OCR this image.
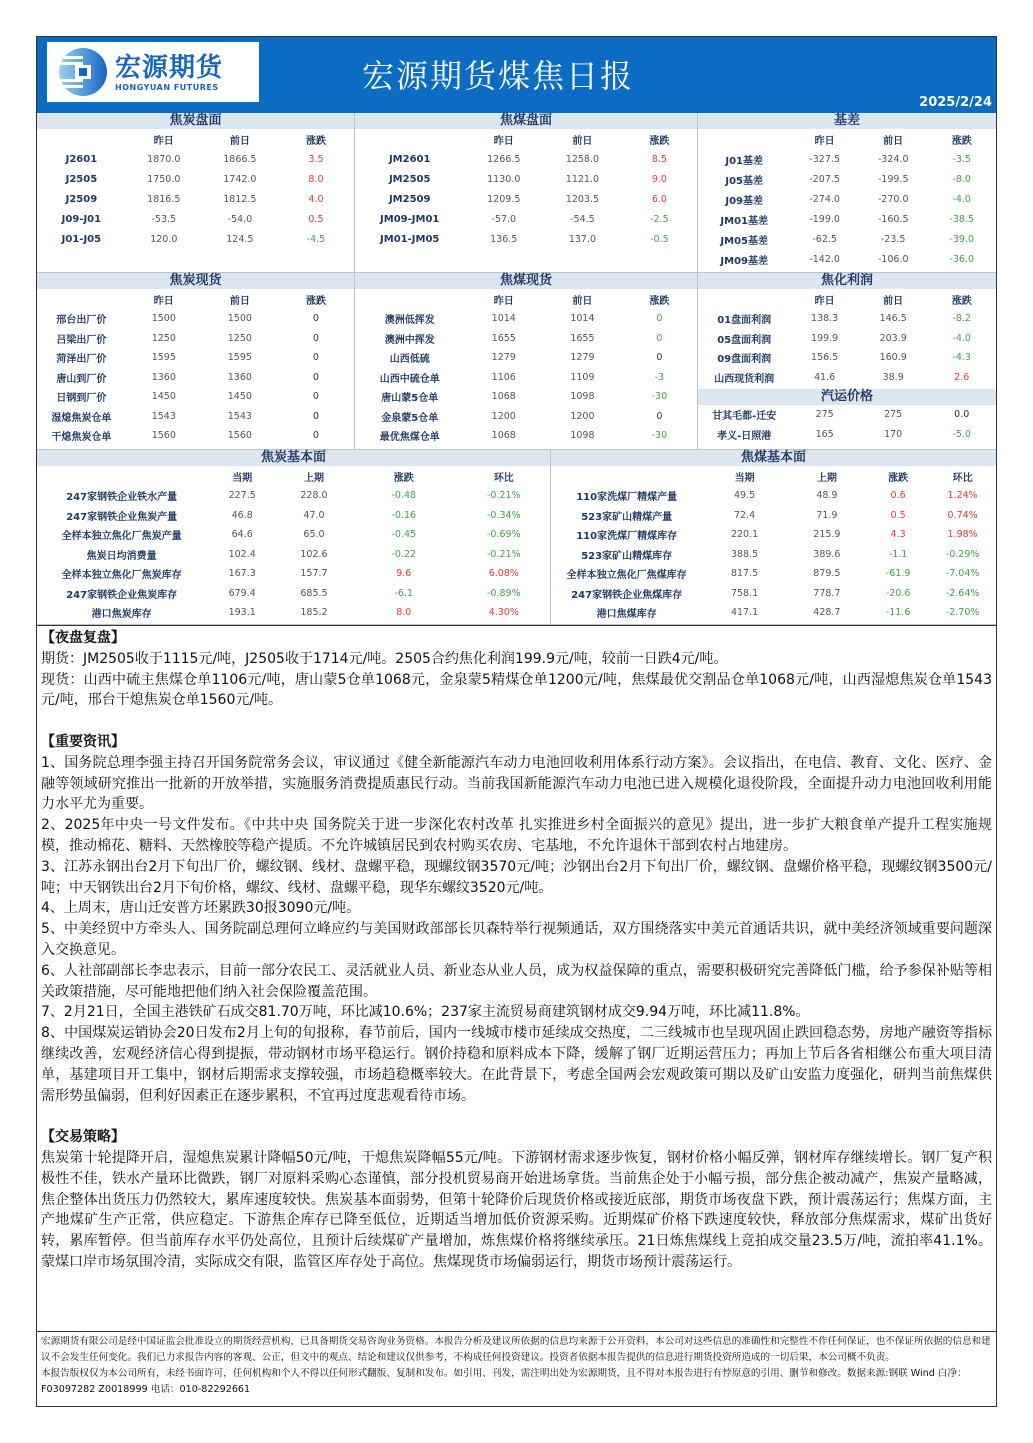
宏源期货
HONGYUAN FUTURES	宏源期货煤焦日报
2025/2/24
焦炭盘面
	昨日	前日	涨跌
J2601	1870.0	1866.5	3.5
J2505	1750.0	1742.0	8.0
J2509	1816.5	1812.5	4.0
J09-J01	-53.5	-54.0	0.5
J01-J05	120.0	124.5	-4.5
焦煤盘面
	昨日	前日	涨跌
JM2601	1266.5	1258.0	8.5
JM2505	1130.0	1121.0	9.0
JM2509	1209.5	1203.5	6.0
JM09-JM01	-57.0	-54.5	-2.5
JM01-JM05	136.5	137.0	-0.5
基差
	昨日	前日	涨跌
J01基差	-327.5	-324.0	-3.5
J05基差	-207.5	-199.5	-8.0
J09基差	-274.0	-270.0	-4.0
JM01基差	-199.0	-160.5	-38.5
JM05基差	-62.5	-23.5	-39.0
JM09基差	-142.0	-106.0	-36.0
焦炭现货
	昨日	前日	涨跌
邢台出厂价	1500	1500	0
吕梁出厂价	1250	1250	0
菏泽出厂价	1595	1595	0
唐山到厂价	1360	1360	0
日钢到厂价	1450	1450	0
湿熄焦炭仓单	1543	1543	0
干熄焦炭仓单	1560	1560	0
焦煤现货
	昨日	前日	涨跌
澳洲低挥发	1014	1014	0
澳洲中挥发	1655	1655	0
山西低硫	1279	1279	0
山西中硫仓单	1106	1109	-3
唐山蒙5仓单	1068	1098	-30
金泉蒙5仓单	1200	1200	0
最优焦煤仓单	1068	1098	-30
焦化利润
	昨日	前日	涨跌
01盘面利润	138.3	146.5	-8.2
05盘面利润	199.9	203.9	-4.0
09盘面利润	156.5	160.9	-4.3
山西现货利润	41.6	38.9	2.6
汽运价格
甘其毛都-迁安	275	275	0.0
孝义-日照港	165	170	-5.0
焦炭基本面
	当期	上期	涨跌	环比
247家钢铁企业铁水产量	227.5	228.0	-0.48	-0.21%
247家钢铁企业焦炭产量	46.8	47.0	-0.16	-0.34%
全样本独立焦化厂焦炭产量	64.6	65.0	-0.45	-0.69%
焦炭日均消费量	102.4	102.6	-0.22	-0.21%
全样本独立焦化厂焦炭库存	167.3	157.7	9.6	6.08%
247家钢铁企业焦炭库存	679.4	685.5	-6.1	-0.89%
港口焦炭库存	193.1	185.2	8.0	4.30%
焦煤基本面
	当期	上期	涨跌	环比
110家洗煤厂精煤产量	49.5	48.9	0.6	1.24%
523家矿山精煤产量	72.4	71.9	0.5	0.74%
110家洗煤厂精煤库存	220.1	215.9	4.3	1.98%
523家矿山精煤库存	388.5	389.6	-1.1	-0.29%
全样本独立焦化厂焦煤库存	817.5	879.5	-61.9	-7.04%
247家钢铁企业焦煤库存	758.1	778.7	-20.6	-2.64%
港口焦煤库存	417.1	428.7	-11.6	-2.70%
【夜盘复盘】
期货：JM2505收于1115元/吨，J2505收于1714元/吨。2505合约焦化利润199.9元/吨，较前一日跌4元/吨。
现货：山西中硫主焦煤仓单1106元/吨，唐山蒙5仓单1068元，金泉蒙5精煤仓单1200元/吨，焦煤最优交割品仓单1068元/吨，山西湿熄焦炭仓单1543元/吨，邢台干熄焦炭仓单1560元/吨。
【重要资讯】
1、国务院总理李强主持召开国务院常务会议，审议通过《健全新能源汽车动力电池回收利用体系行动方案》。会议指出，在电信、教育、文化、医疗、金融等领域研究推出一批新的开放举措，实施服务消费提质惠民行动。当前我国新能源汽车动力电池已进入规模化退役阶段，全面提升动力电池回收利用能力水平尤为重要。
2、2025年中央一号文件发布。《中共中央 国务院关于进一步深化农村改革 扎实推进乡村全面振兴的意见》提出，进一步扩大粮食单产提升工程实施规模，推动棉花、糖料、天然橡胶等稳产提质。不允许城镇居民到农村购买农房、宅基地，不允许退休干部到农村占地建房。
3、江苏永钢出台2月下旬出厂价，螺纹钢、线材、盘螺平稳，现螺纹钢3570元/吨；沙钢出台2月下旬出厂价，螺纹钢、盘螺价格平稳，现螺纹钢3500元/吨；中天钢铁出台2月下旬价格，螺纹、线材、盘螺平稳，现华东螺纹3520元/吨。
4、上周末，唐山迁安普方坯累跌30报3090元/吨。
5、中美经贸中方牵头人、国务院副总理何立峰应约与美国财政部部长贝森特举行视频通话，双方围绕落实中美元首通话共识，就中美经济领域重要问题深入交换意见。
6、人社部副部长李忠表示，目前一部分农民工、灵活就业人员、新业态从业人员，成为权益保障的重点，需要积极研究完善降低门槛，给予参保补贴等相关政策措施，尽可能地把他们纳入社会保险覆盖范围。
7、2月21日，全国主港铁矿石成交81.70万吨，环比减10.6%；237家主流贸易商建筑钢材成交9.94万吨，环比减11.8%。
8、中国煤炭运销协会20日发布2月上旬的旬报称，春节前后，国内一线城市楼市延续成交热度，二三线城市也呈现巩固止跌回稳态势，房地产融资等指标继续改善，宏观经济信心得到提振，带动钢材市场平稳运行。钢价持稳和原料成本下降，缓解了钢厂近期运营压力；再加上节后各省相继公布重大项目清单，基建项目开工集中，钢材后期需求支撑较强，市场趋稳概率较大。在此背景下，考虑全国两会宏观政策可期以及矿山安监力度强化，研判当前焦煤供需形势虽偏弱，但利好因素正在逐步累积，不宜再过度悲观看待市场。
【交易策略】
焦炭第十轮提降开启，湿熄焦炭累计降幅50元/吨，干熄焦炭降幅55元/吨。下游钢材需求逐步恢复，钢材价格小幅反弹，钢材库存继续增长。钢厂复产积极性不佳，铁水产量环比微跌，钢厂对原料采购心态谨慎，部分投机贸易商开始进场拿货。当前焦企处于小幅亏损，部分焦企被动减产，焦炭产量略减，焦企整体出货压力仍然较大，累库速度较快。焦炭基本面弱势，但第十轮降价后现货价格或接近底部，期货市场夜盘下跌，预计震荡运行；焦煤方面，主产地煤矿生产正常，供应稳定。下游焦企库存已降至低位，近期适当增加低价资源采购。近期煤矿价格下跌速度较快，释放部分焦煤需求，煤矿出货好转，累库暂停。但当前库存水平仍处高位，且预计后续煤矿产量增加，炼焦煤价格将继续承压。21日炼焦煤线上竞拍成交量23.5万/吨，流拍率41.1%。蒙煤口岸市场氛围冷清，实际成交有限，监管区库存处于高位。焦煤现货市场偏弱运行，期货市场预计震荡运行。
宏源期货有限公司是经中国证监会批准设立的期货经营机构，已具备期货交易咨询业务资格。本报告分析及建议所依据的信息均来源于公开资料，本公司对这些信息的准确性和完整性不作任何保证，也不保证所依据的信息和建议不会发生任何变化。我们已力求报告内容的客观、公正，但文中的观点、结论和建议仅供参考，不构成任何投资建议。投资者依据本报告提供的信息进行期货投资所造成的一切后果，本公司概不负责。
本报告版权仅为本公司所有，未经书面许可，任何机构和个人不得以任何形式翻版、复制和发布。如引用、刊发，需注明出处为宏源期货，且不得对本报告进行有悖原意的引用、删节和修改。数据来源:钢联 Wind 白净：F03097282 Z0018999 电话：010-82292661
